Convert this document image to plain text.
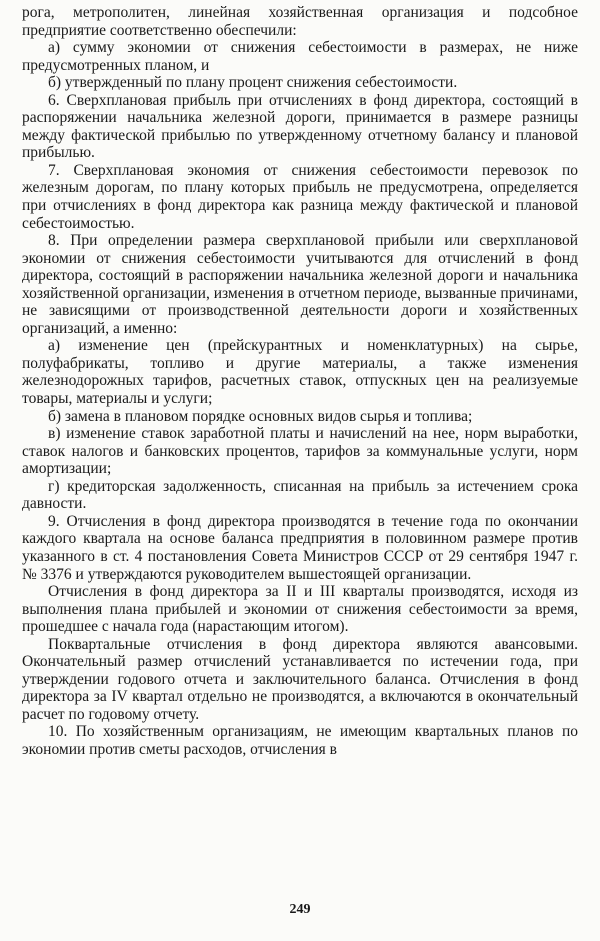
рога, метрополитен, линейная хозяйственная организация и подсобное предприятие соответственно обеспечили:

а) сумму экономии от снижения себестоимости в размерах, не ниже предусмотренных планом, и

б) утвержденный по плану процент снижения себестоимости.

6. Сверхплановая прибыль при отчислениях в фонд директора, состоящий в распоряжении начальника железной дороги, принимается в размере разницы между фактической прибылью по утвержденному отчетному балансу и плановой прибылью.

7. Сверхплановая экономия от снижения себестоимости перевозок по железным дорогам, по плану которых прибыль не предусмотрена, определяется при отчислениях в фонд директора как разница между фактической и плановой себестоимостью.

8. При определении размера сверхплановой прибыли или сверхплановой экономии от снижения себестоимости учитываются для отчислений в фонд директора, состоящий в распоряжении начальника железной дороги и начальника хозяйственной организации, изменения в отчетном периоде, вызванные причинами, не зависящими от производственной деятельности дороги и хозяйственных организаций, а именно:

а) изменение цен (прейскурантных и номенклатурных) на сырье, полуфабрикаты, топливо и другие материалы, а также изменения железнодорожных тарифов, расчетных ставок, отпускных цен на реализуемые товары, материалы и услуги;

б) замена в плановом порядке основных видов сырья и топлива;

в) изменение ставок заработной платы и начислений на нее, норм выработки, ставок налогов и банковских процентов, тарифов за коммунальные услуги, норм амортизации;

г) кредиторская задолженность, списанная на прибыль за истечением срока давности.

9. Отчисления в фонд директора производятся в течение года по окончании каждого квартала на основе баланса предприятия в половинном размере против указанного в ст. 4 постановления Совета Министров СССР от 29 сентября 1947 г. № 3376 и утверждаются руководителем вышестоящей организации.

Отчисления в фонд директора за II и III кварталы производятся, исходя из выполнения плана прибылей и экономии от снижения себестоимости за время, прошедшее с начала года (нарастающим итогом).

Поквартальные отчисления в фонд директора являются авансовыми. Окончательный размер отчислений устанавливается по истечении года, при утверждении годового отчета и заключительного баланса. Отчисления в фонд директора за IV квартал отдельно не производятся, а включаются в окончательный расчет по годовому отчету.

10. По хозяйственным организациям, не имеющим квартальных планов по экономии против сметы расходов, отчисления в

249
